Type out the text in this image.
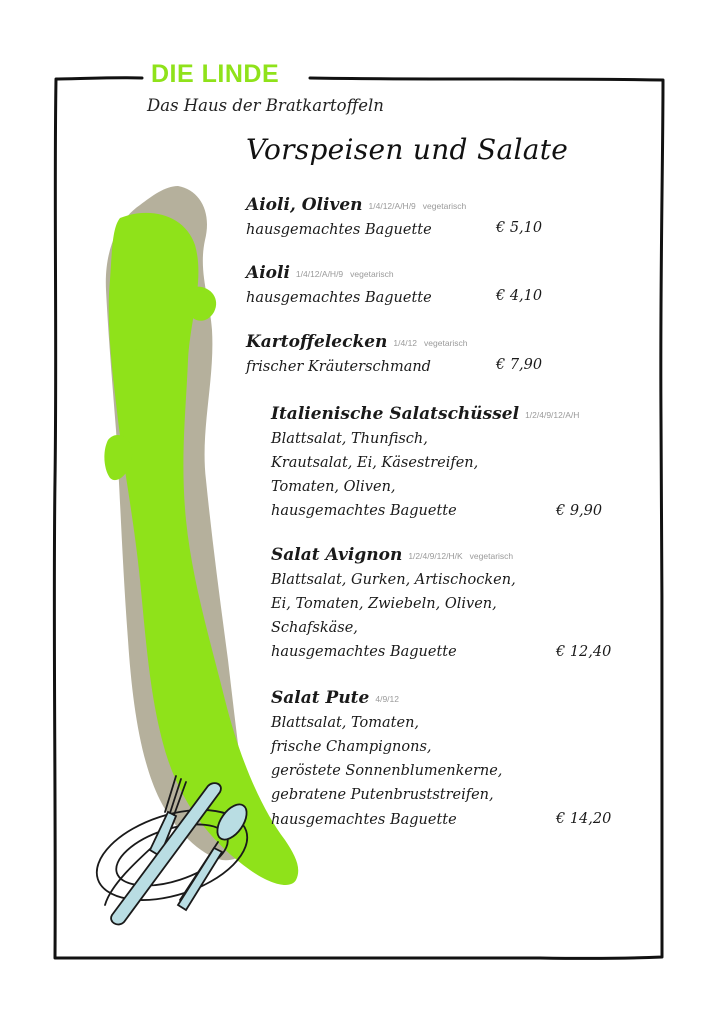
DIE LINDE
Das Haus der Bratkartoffeln
Vorspeisen und Salate
Aioli, Oliven 1/4/12/A/H/9 vegetarisch
hausgemachtes Baguette	€ 5,10
Aioli 1/4/12/A/H/9 vegetarisch
hausgemachtes Baguette	€ 4,10
Kartoffelecken 1/4/12 vegetarisch
frischer Kräuterschmand	€ 7,90
Italienische Salatschüssel 1/2/4/9/12/A/H
Blattsalat, Thunfisch,
Krautsalat, Ei, Käsestreifen,
Tomaten, Oliven,
hausgemachtes Baguette	€ 9,90
Salat Avignon 1/2/4/9/12/H/K vegetarisch
Blattsalat, Gurken, Artischocken,
Ei, Tomaten, Zwiebeln, Oliven,
Schafskäse,
hausgemachtes Baguette	€ 12,40
Salat Pute 4/9/12
Blattsalat, Tomaten,
frische Champignons,
geröstete Sonnenblumenkerne,
gebratene Putenbruststreifen,
hausgemachtes Baguette	€ 14,20
